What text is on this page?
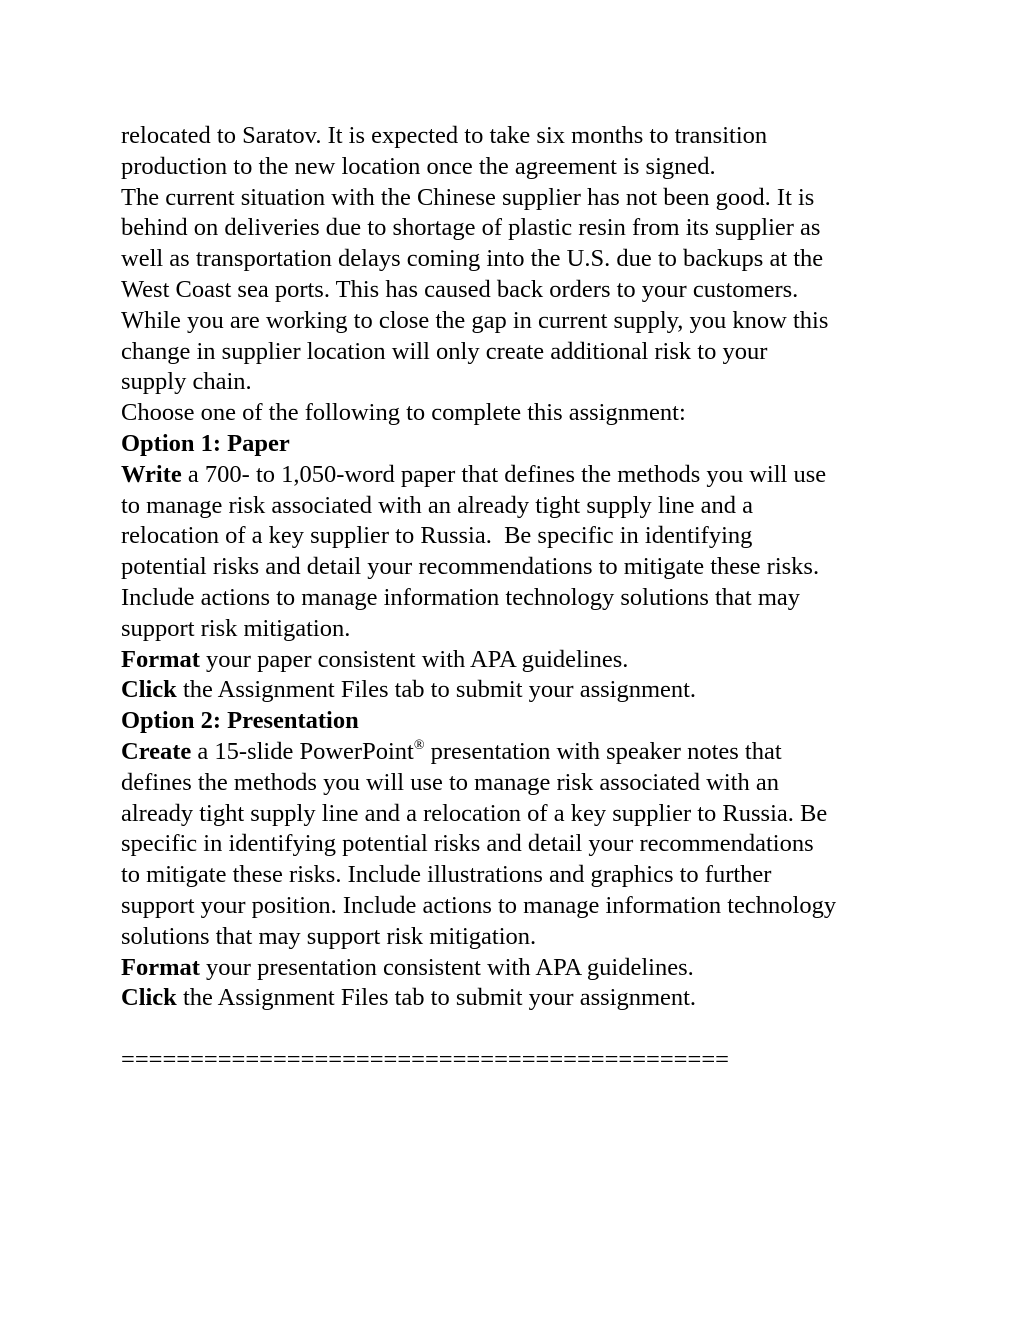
relocated to Saratov. It is expected to take six months to transition
production to the new location once the agreement is signed.
The current situation with the Chinese supplier has not been good. It is
behind on deliveries due to shortage of plastic resin from its supplier as
well as transportation delays coming into the U.S. due to backups at the
West Coast sea ports. This has caused back orders to your customers.
While you are working to close the gap in current supply, you know this
change in supplier location will only create additional risk to your
supply chain.
Choose one of the following to complete this assignment:
Option 1: Paper
Write a 700- to 1,050-word paper that defines the methods you will use
to manage risk associated with an already tight supply line and a
relocation of a key supplier to Russia.  Be specific in identifying
potential risks and detail your recommendations to mitigate these risks.
Include actions to manage information technology solutions that may
support risk mitigation.
Format your paper consistent with APA guidelines.
Click the Assignment Files tab to submit your assignment.
Option 2: Presentation
Create a 15-slide PowerPoint® presentation with speaker notes that
defines the methods you will use to manage risk associated with an
already tight supply line and a relocation of a key supplier to Russia. Be
specific in identifying potential risks and detail your recommendations
to mitigate these risks. Include illustrations and graphics to further
support your position. Include actions to manage information technology
solutions that may support risk mitigation.
Format your presentation consistent with APA guidelines.
Click the Assignment Files tab to submit your assignment.
============================================
